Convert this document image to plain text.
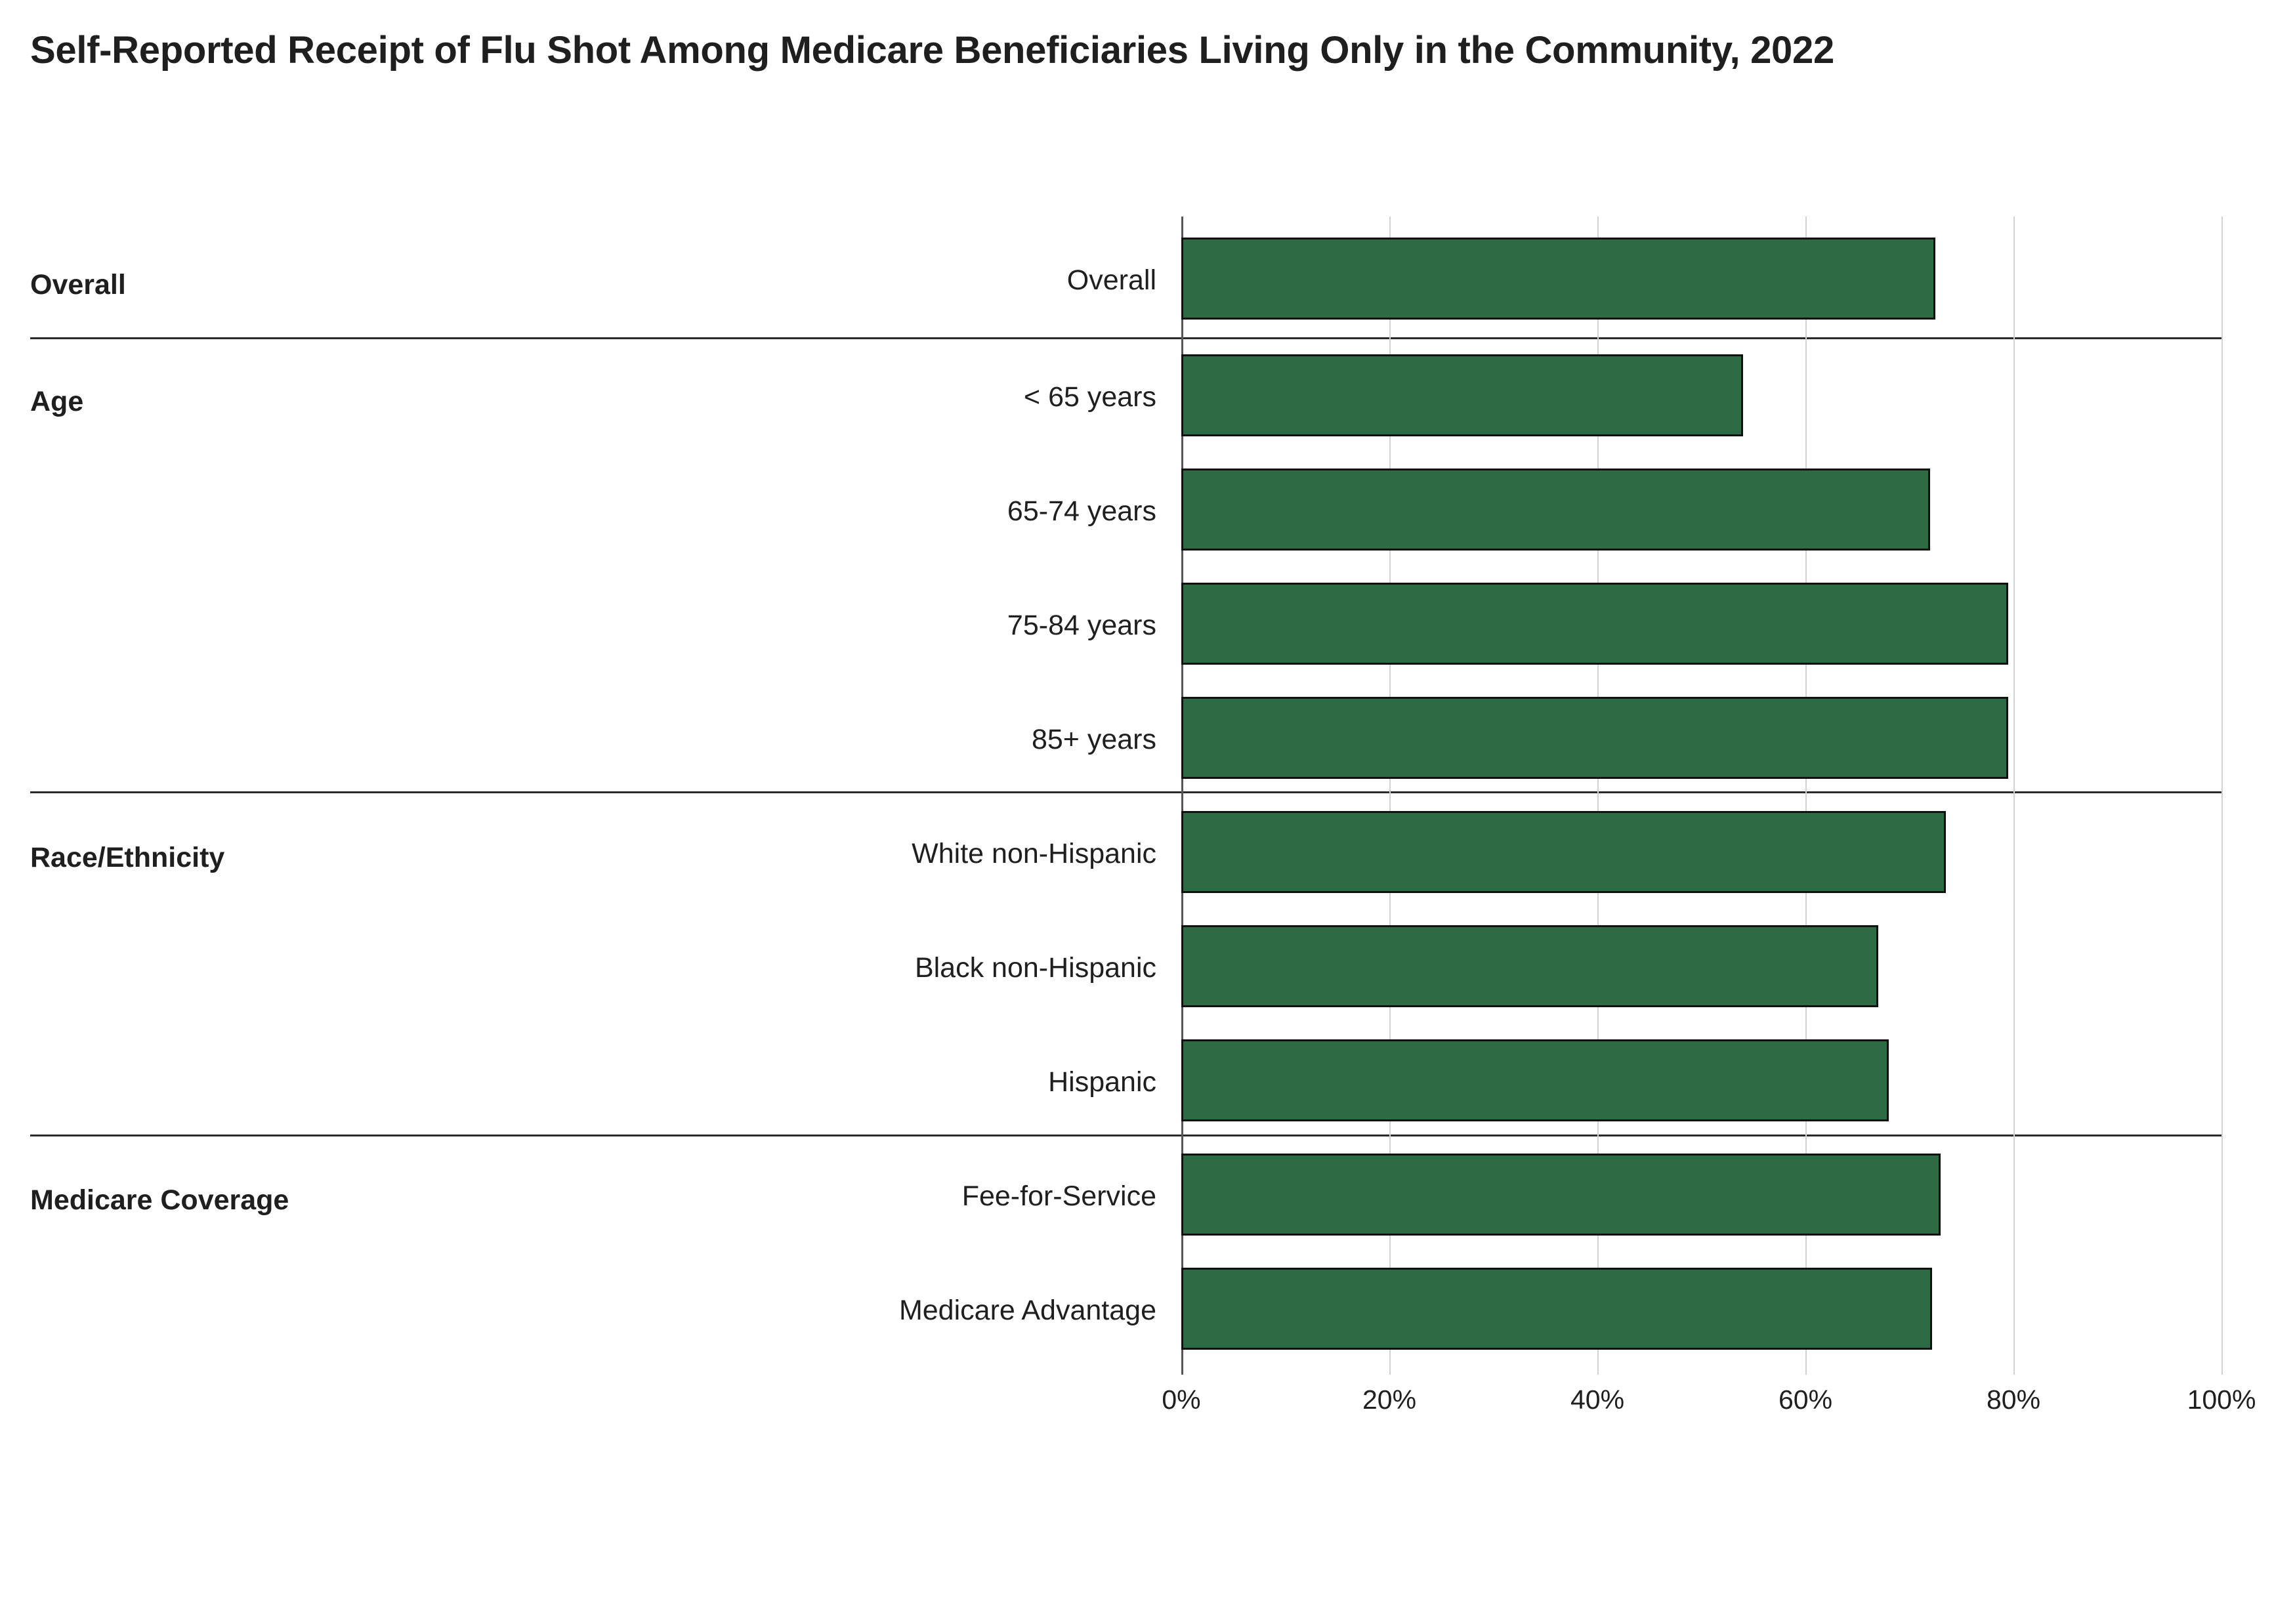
Self-Reported Receipt of Flu Shot Among Medicare Beneficiaries Living Only in the Community, 2022
Overall
Age
Race/Ethnicity
Medicare Coverage
Overall
< 65 years
65-74 years
75-84 years
85+ years
White non-Hispanic
Black non-Hispanic
Hispanic
Fee-for-Service
Medicare Advantage
0%	20%	40%	60%	80%	100%
